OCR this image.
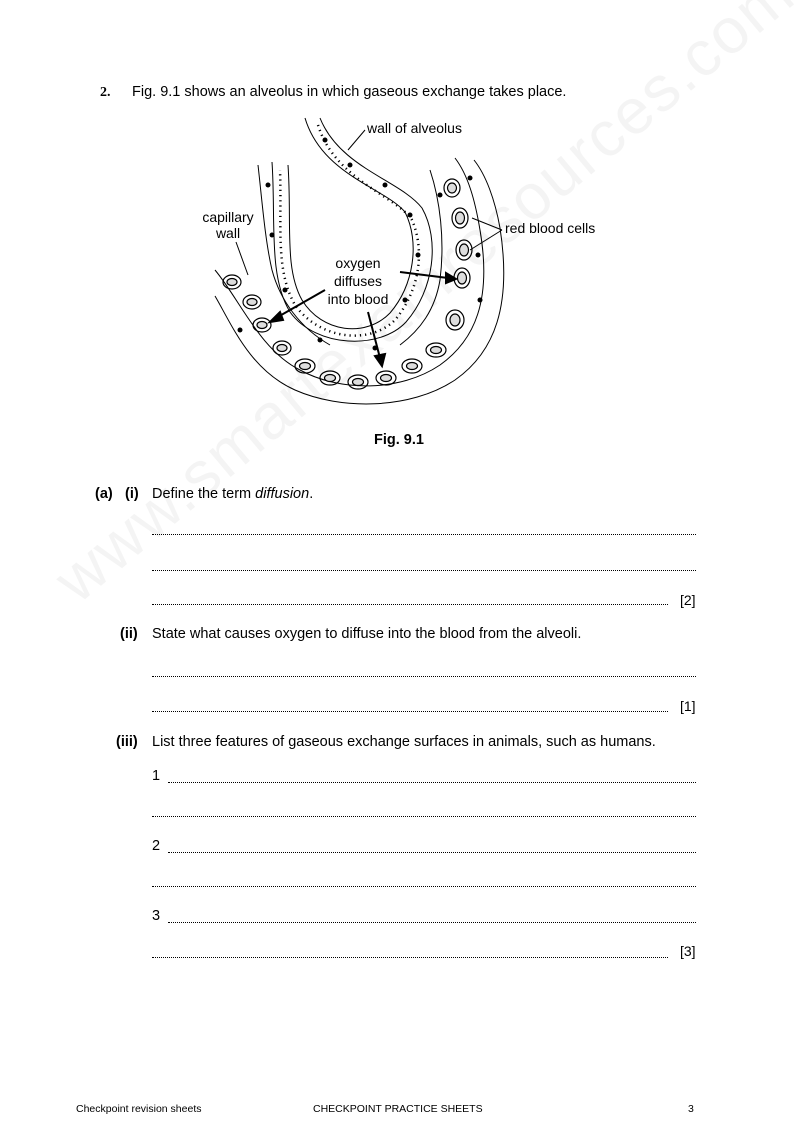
2. Fig. 9.1 shows an alveolus in which gaseous exchange takes place.
wall of alveolus
capillary
wall	red blood cells
oxygen
diffuses
into blood
Fig. 9.1
(a) (i) Define the term diffusion.
[2]
(ii) State what causes oxygen to diffuse into the blood from the alveoli.
[1]
(iii) List three features of gaseous exchange surfaces in animals, such as humans.
1
2
3
[3]
Checkpoint revision sheets	CHECKPOINT PRACTICE SHEETS	3
